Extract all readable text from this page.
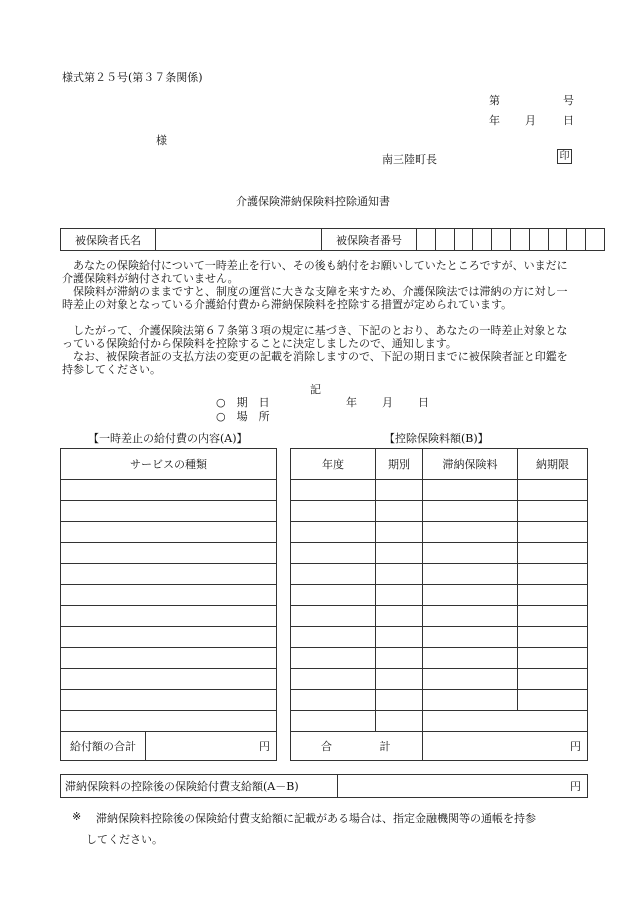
様式第２５号(第３７条関係)
第	号
年 月 日
様
南三陸町長	印
介護保険滞納保険料控除通知書
被保険者氏名		被保険者番号										
　あなたの保険給付について一時差止を行い、その後も納付をお願いしていたところですが、いまだに介護保険料が納付されていません。
　保険料が滞納のままですと、制度の運営に大きな支障を来すため、介護保険法では滞納の方に対し一時差止の対象となっている介護給付費から滞納保険料を控除する措置が定められています。
　したがって、介護保険法第６７条第３項の規定に基づき、下記のとおり、あなたの一時差止対象となっている保険給付から保険料を控除することに決定しましたので、通知します。
　なお、被保険者証の支払方法の変更の記載を消除しますので、下記の期日までに被保険者証と印鑑を持参してください。
記
○　期　日	年 月 日
○　場　所
【一時差止の給付費の内容(A)】	【控除保険料額(B)】
サービスの種類

給付額の合計	円
年度	期別	滞納保険料	納期限

合 計		円	
滞納保険料の控除後の保険給付費支給額(A－B)	円
※ 滞納保険料控除後の保険給付費支給額に記載がある場合は、指定金融機関等の通帳を持参
してください。
